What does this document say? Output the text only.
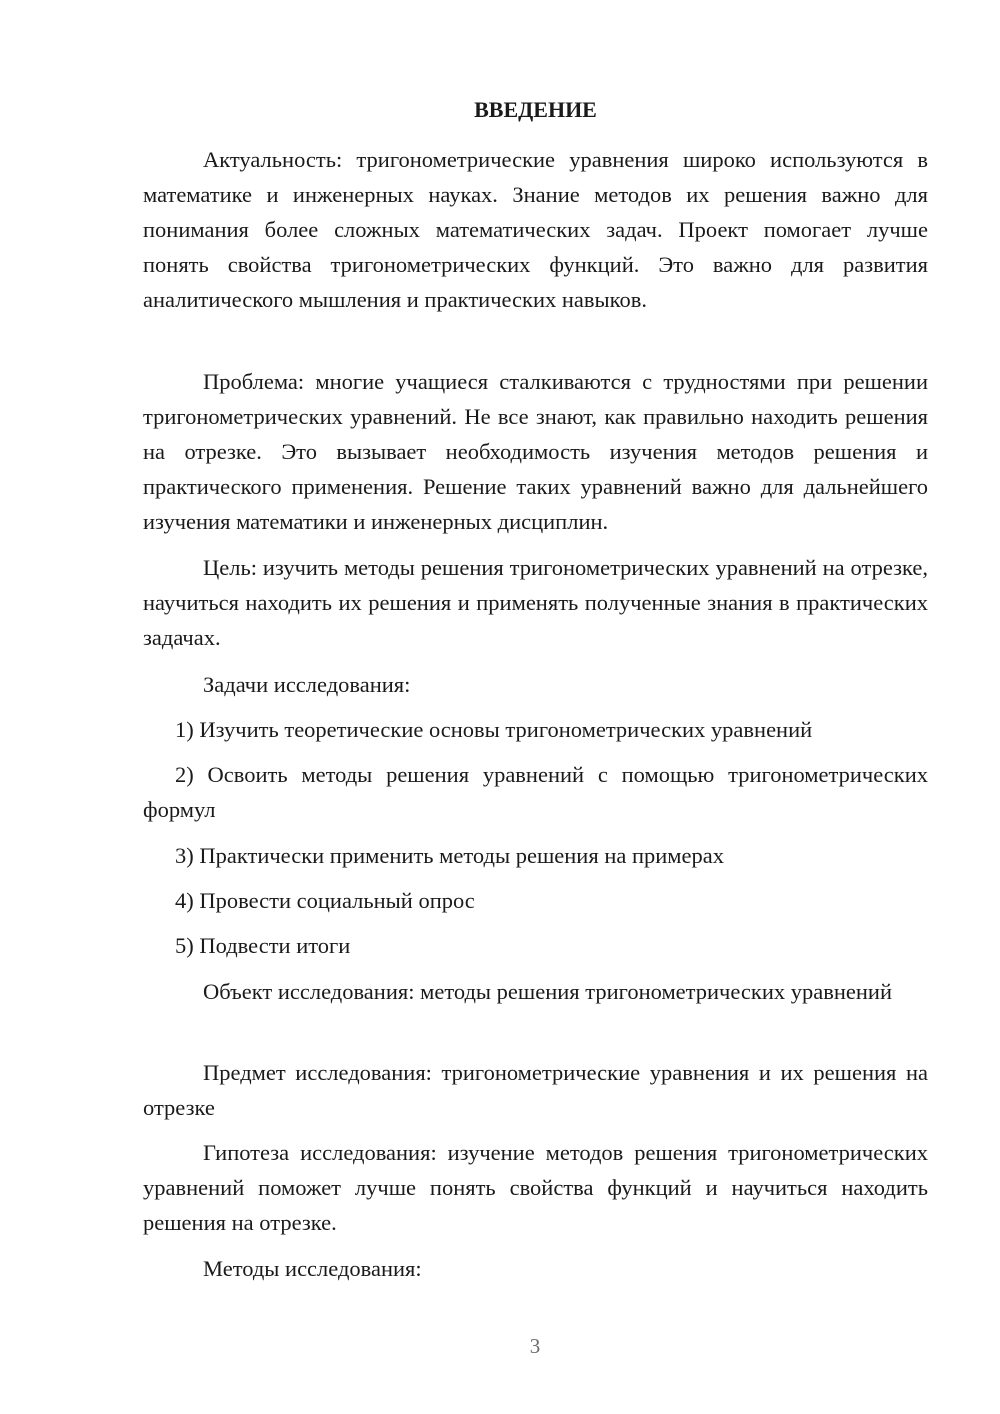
ВВЕДЕНИЕ

Актуальность: тригонометрические уравнения широко используются в математике и инженерных науках. Знание методов их решения важно для понимания более сложных математических задач. Проект помогает лучше понять свойства тригонометрических функций. Это важно для развития аналитического мышления и практических навыков.

Проблема: многие учащиеся сталкиваются с трудностями при решении тригонометрических уравнений. Не все знают, как правильно находить решения на отрезке. Это вызывает необходимость изучения методов решения и практического применения. Решение таких уравнений важно для дальнейшего изучения математики и инженерных дисциплин.

Цель: изучить методы решения тригонометрических уравнений на отрезке, научиться находить их решения и применять полученные знания в практических задачах.

Задачи исследования:

1) Изучить теоретические основы тригонометрических уравнений

2) Освоить методы решения уравнений с помощью тригонометрических формул

3) Практически применить методы решения на примерах

4) Провести социальный опрос

5) Подвести итоги

Объект исследования: методы решения тригонометрических уравнений

Предмет исследования: тригонометрические уравнения и их решения на отрезке

Гипотеза исследования: изучение методов решения тригонометрических уравнений поможет лучше понять свойства функций и научиться находить решения на отрезке.

Методы исследования:

3
